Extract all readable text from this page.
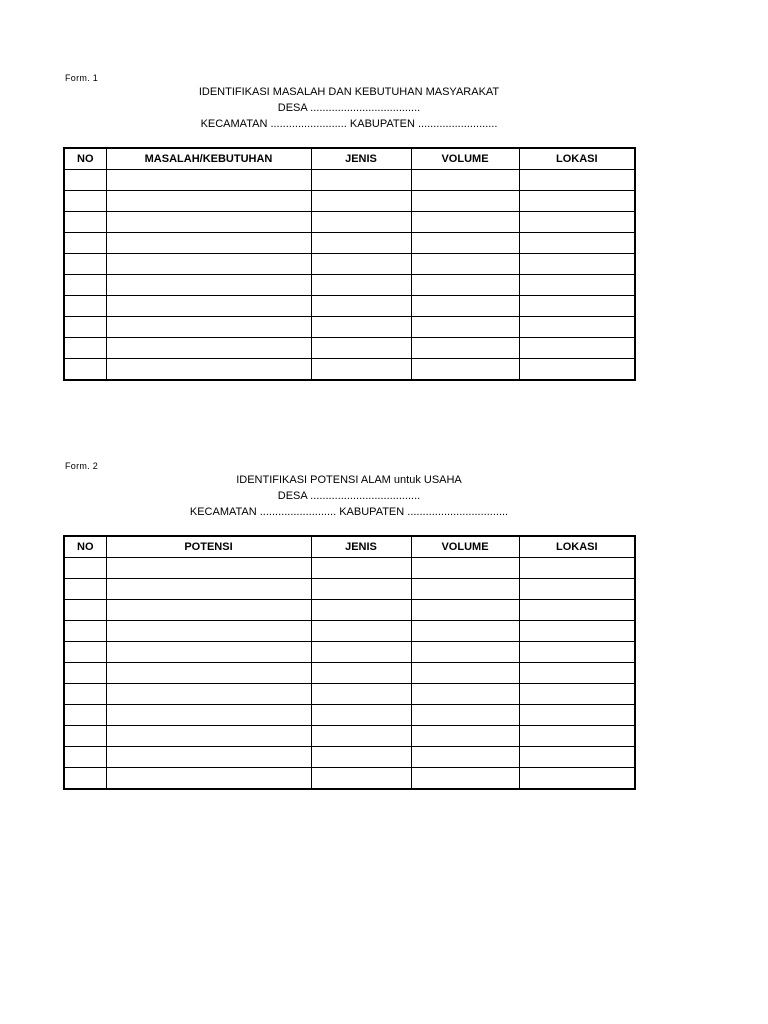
Form. 1
IDENTIFIKASI MASALAH DAN KEBUTUHAN MASYARAKAT
DESA ....................................
KECAMATAN ......................... KABUPATEN ..........................
NO	MASALAH/KEBUTUHAN	JENIS	VOLUME	LOKASI

Form. 2
IDENTIFIKASI POTENSI ALAM untuk USAHA
DESA ....................................
KECAMATAN ......................... KABUPATEN .................................
NO	POTENSI	JENIS	VOLUME	LOKASI
